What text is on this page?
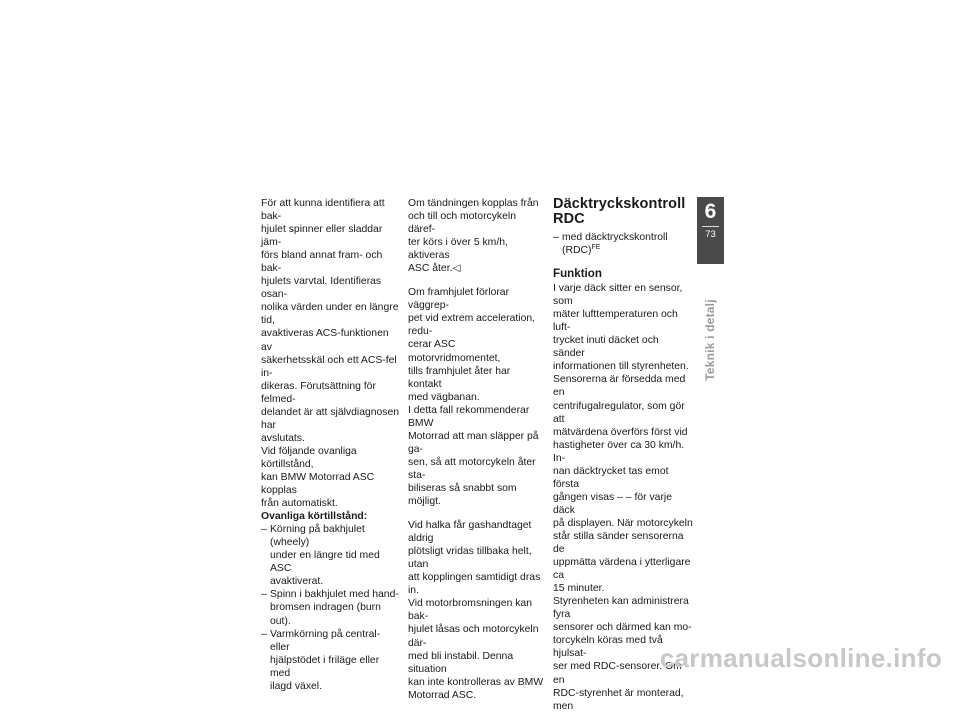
För att kunna identifiera att bak-
hjulet spinner eller sladdar jäm-
förs bland annat fram- och bak-
hjulets varvtal. Identifieras osan-
nolika värden under en längre tid,
avaktiveras ACS-funktionen av
säkerhetsskäl och ett ACS-fel in-
dikeras. Förutsättning för felmed-
delandet är att självdiagnosen har
avslutats.

Vid följande ovanliga körtillstånd,
kan BMW Motorrad ASC kopplas
från automatiskt.

Ovanliga körtillstånd:

– Körning på bakhjulet (wheely)
under en längre tid med ASC
avaktiverat.
– Spinn i bakhjulet med hand-
bromsen indragen (burn out).
– Varmkörning på central- eller
hjälpstödet i friläge eller med
ilagd växel.

Om tändningen kopplas från
och till och motorcykeln däref-
ter körs i över 5 km/h, aktiveras
ASC åter.◁

Om framhjulet förlorar väggrep-
pet vid extrem acceleration, redu-
cerar ASC motorvridmomentet,
tills framhjulet åter har kontakt
med vägbanan.

I detta fall rekommenderar BMW
Motorrad att man släpper på ga-
sen, så att motorcykeln åter sta-
biliseras så snabbt som möjligt.

Vid halka får gashandtaget aldrig
plötsligt vridas tillbaka helt, utan
att kopplingen samtidigt dras in.
Vid motorbromsningen kan bak-
hjulet låsas och motorcykeln där-
med bli instabil. Denna situation
kan inte kontrolleras av BMW
Motorrad ASC.

Däcktryckskontroll
RDC
– med däcktryckskontroll
(RDC)$^{FE}$
Funktion

I varje däck sitter en sensor, som
mäter lufttemperaturen och luft-
trycket inuti däcket och sänder
informationen till styrenheten.

Sensorerna är försedda med en
centrifugalregulator, som gör att
mätvärdena överförs först vid
hastigheter över ca 30 km/h. In-
nan däcktrycket tas emot första
gången visas – – för varje däck
på displayen. När motorcykeln
står stilla sänder sensorerna de
uppmätta värdena i ytterligare ca
15 minuter.

Styrenheten kan administrera fyra
sensorer och därmed kan mo-
torcykeln köras med två hjulsat-
ser med RDC-sensorer. Om en
RDC-styrenhet är monterad, men

6
73
Teknik i detalj
carmanualsonline.info
